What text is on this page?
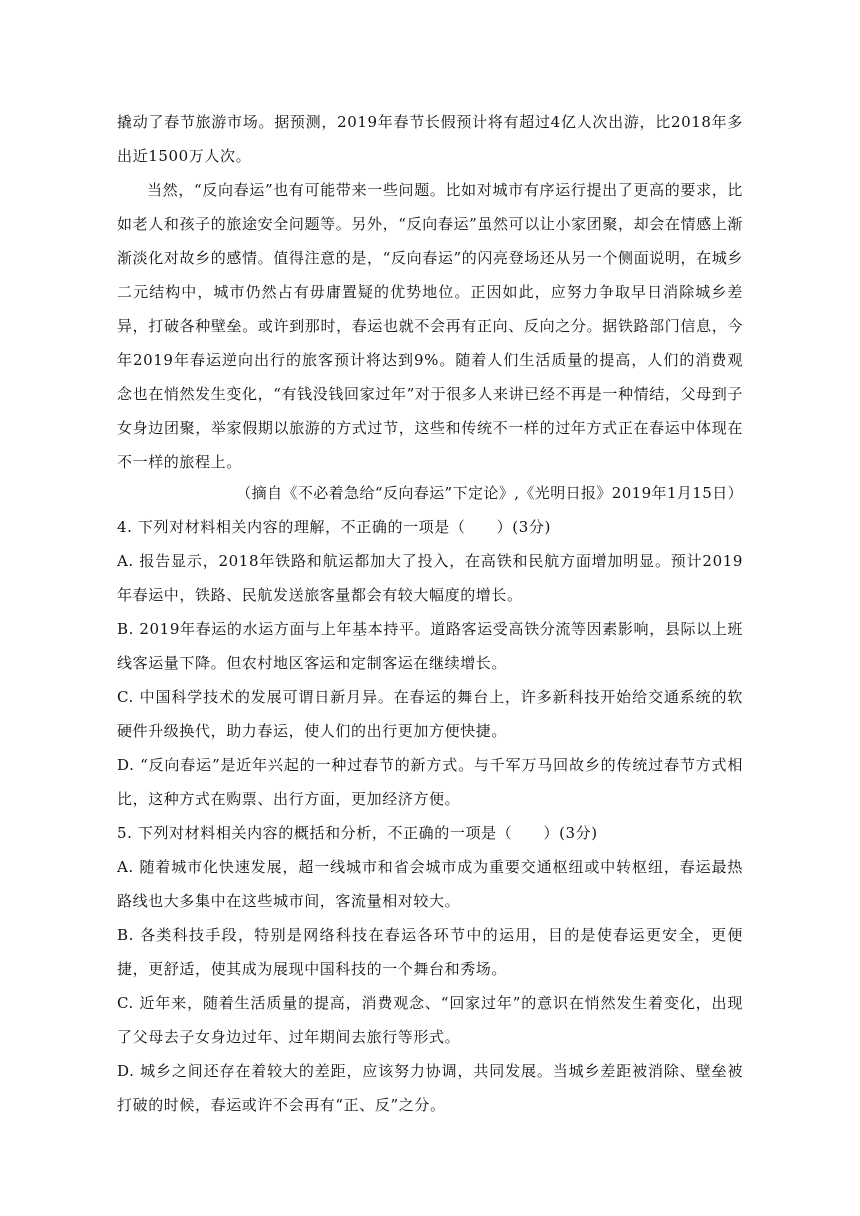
撬动了春节旅游市场。据预测，2019年春节长假预计将有超过4亿人次出游，比2018年多出近1500万人次。

当然，“反向春运”也有可能带来一些问题。比如对城市有序运行提出了更高的要求，比如老人和孩子的旅途安全问题等。另外，“反向春运”虽然可以让小家团聚，却会在情感上渐渐淡化对故乡的感情。值得注意的是，“反向春运”的闪亮登场还从另一个侧面说明，在城乡二元结构中，城市仍然占有毋庸置疑的优势地位。正因如此，应努力争取早日消除城乡差异，打破各种壁垒。或许到那时，春运也就不会再有正向、反向之分。据铁路部门信息，今年2019年春运逆向出行的旅客预计将达到9%。随着人们生活质量的提高，人们的消费观念也在悄然发生变化，“有钱没钱回家过年”对于很多人来讲已经不再是一种情结，父母到子女身边团聚，举家假期以旅游的方式过节，这些和传统不一样的过年方式正在春运中体现在不一样的旅程上。

（摘自《不必着急给“反向春运”下定论》,《光明日报》2019年1月15日）

4. 下列对材料相关内容的理解，不正确的一项是（　　）(3分)

A. 报告显示，2018年铁路和航运都加大了投入，在高铁和民航方面增加明显。预计2019年春运中，铁路、民航发送旅客量都会有较大幅度的增长。

B. 2019年春运的水运方面与上年基本持平。道路客运受高铁分流等因素影响，县际以上班线客运量下降。但农村地区客运和定制客运在继续增长。

C. 中国科学技术的发展可谓日新月异。在春运的舞台上，许多新科技开始给交通系统的软硬件升级换代，助力春运，使人们的出行更加方便快捷。

D. “反向春运”是近年兴起的一种过春节的新方式。与千军万马回故乡的传统过春节方式相比，这种方式在购票、出行方面，更加经济方便。

5. 下列对材料相关内容的概括和分析，不正确的一项是（　　）(3分)

A. 随着城市化快速发展，超一线城市和省会城市成为重要交通枢纽或中转枢纽，春运最热路线也大多集中在这些城市间，客流量相对较大。

B. 各类科技手段，特别是网络科技在春运各环节中的运用，目的是使春运更安全，更便捷，更舒适，使其成为展现中国科技的一个舞台和秀场。

C. 近年来，随着生活质量的提高，消费观念、“回家过年”的意识在悄然发生着变化，出现了父母去子女身边过年、过年期间去旅行等形式。

D. 城乡之间还存在着较大的差距，应该努力协调，共同发展。当城乡差距被消除、壁垒被打破的时候，春运或许不会再有“正、反”之分。
